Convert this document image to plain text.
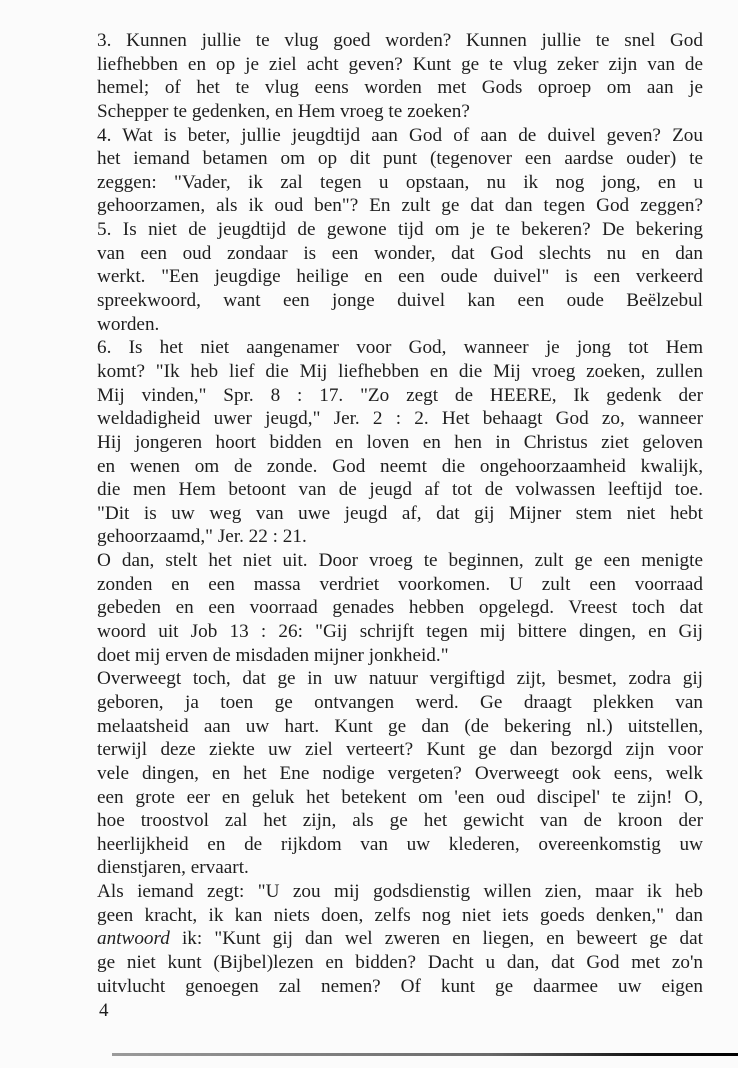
3. Kunnen jullie te vlug goed worden? Kunnen jullie te snel God
liefhebben en op je ziel acht geven? Kunt ge te vlug zeker zijn van de
hemel; of het te vlug eens worden met Gods oproep om aan je
Schepper te gedenken, en Hem vroeg te zoeken?
4. Wat is beter, jullie jeugdtijd aan God of aan de duivel geven? Zou
het iemand betamen om op dit punt (tegenover een aardse ouder) te
zeggen: "Vader, ik zal tegen u opstaan, nu ik nog jong, en u
gehoorzamen, als ik oud ben"? En zult ge dat dan tegen God zeggen?
5. Is niet de jeugdtijd de gewone tijd om je te bekeren? De bekering
van een oud zondaar is een wonder, dat God slechts nu en dan
werkt. "Een jeugdige heilige en een oude duivel" is een verkeerd
spreekwoord, want een jonge duivel kan een oude Beëlzebul
worden.
6. Is het niet aangenamer voor God, wanneer je jong tot Hem
komt? "Ik heb lief die Mij liefhebben en die Mij vroeg zoeken, zullen
Mij vinden," Spr. 8 : 17. "Zo zegt de HEERE, Ik gedenk der
weldadigheid uwer jeugd," Jer. 2 : 2. Het behaagt God zo, wanneer
Hij jongeren hoort bidden en loven en hen in Christus ziet geloven
en wenen om de zonde. God neemt die ongehoorzaamheid kwalijk,
die men Hem betoont van de jeugd af tot de volwassen leeftijd toe.
"Dit is uw weg van uwe jeugd af, dat gij Mijner stem niet hebt
gehoorzaamd," Jer. 22 : 21.
O dan, stelt het niet uit. Door vroeg te beginnen, zult ge een menigte
zonden en een massa verdriet voorkomen. U zult een voorraad
gebeden en een voorraad genades hebben opgelegd. Vreest toch dat
woord uit Job 13 : 26: "Gij schrijft tegen mij bittere dingen, en Gij
doet mij erven de misdaden mijner jonkheid."
Overweegt toch, dat ge in uw natuur vergiftigd zijt, besmet, zodra gij
geboren, ja toen ge ontvangen werd. Ge draagt plekken van
melaatsheid aan uw hart. Kunt ge dan (de bekering nl.) uitstellen,
terwijl deze ziekte uw ziel verteert? Kunt ge dan bezorgd zijn voor
vele dingen, en het Ene nodige vergeten? Overweegt ook eens, welk
een grote eer en geluk het betekent om 'een oud discipel' te zijn! O,
hoe troostvol zal het zijn, als ge het gewicht van de kroon der
heerlijkheid en de rijkdom van uw klederen, overeenkomstig uw
dienstjaren, ervaart.
Als iemand zegt: "U zou mij godsdienstig willen zien, maar ik heb
geen kracht, ik kan niets doen, zelfs nog niet iets goeds denken," dan
antwoord ik: "Kunt gij dan wel zweren en liegen, en beweert ge dat
ge niet kunt (Bijbel)lezen en bidden? Dacht u dan, dat God met zo'n
uitvlucht genoegen zal nemen? Of kunt ge daarmee uw eigen
4
